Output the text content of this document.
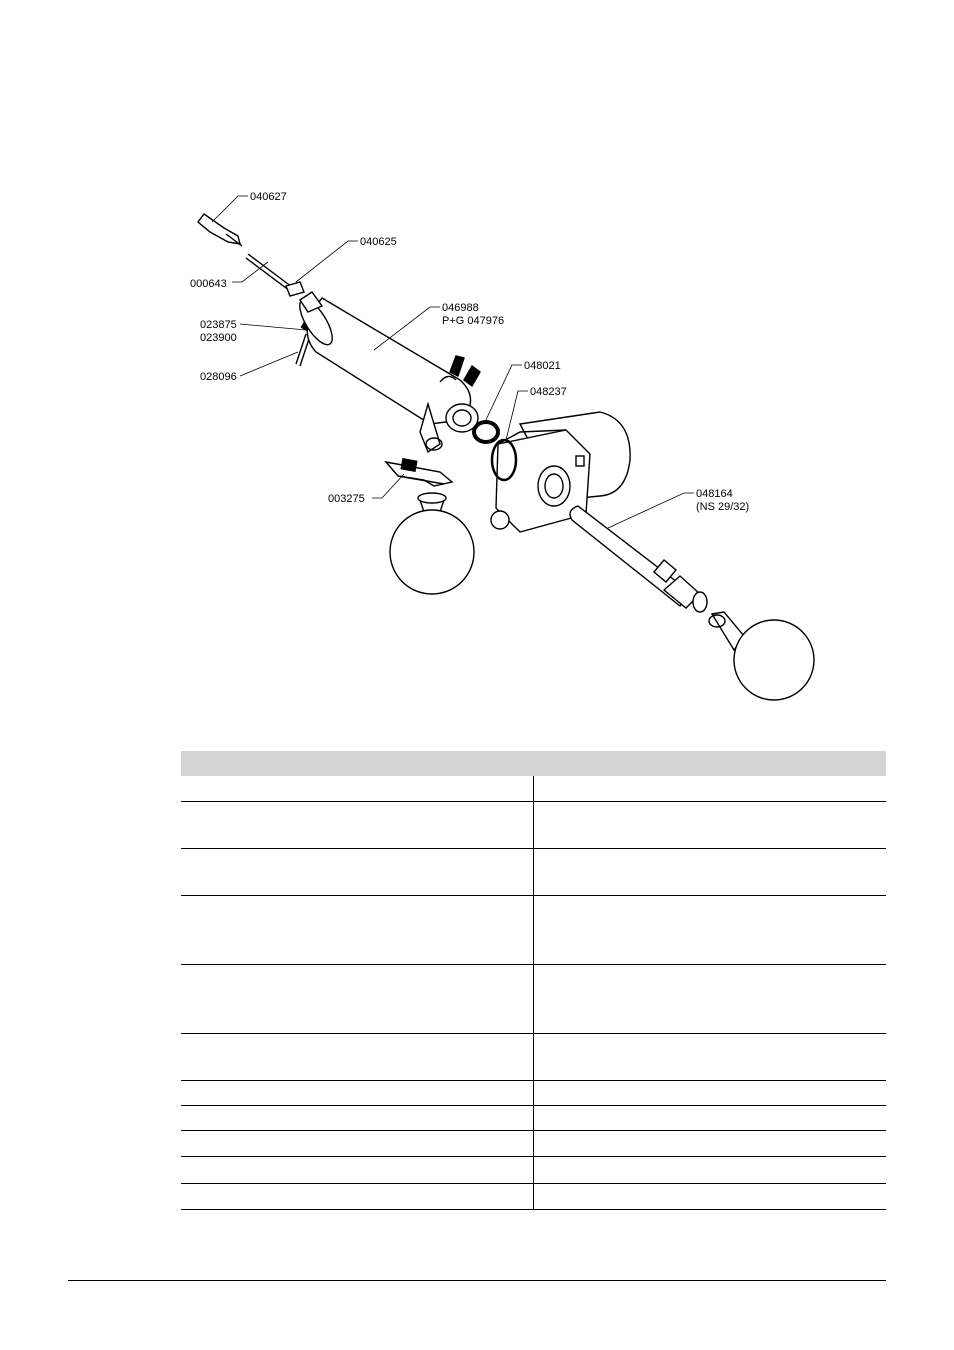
040627
040625
000643
046988
P+G 047976
023875
023900
028096
048021
048237
003275	048164
(NS 29/32)
